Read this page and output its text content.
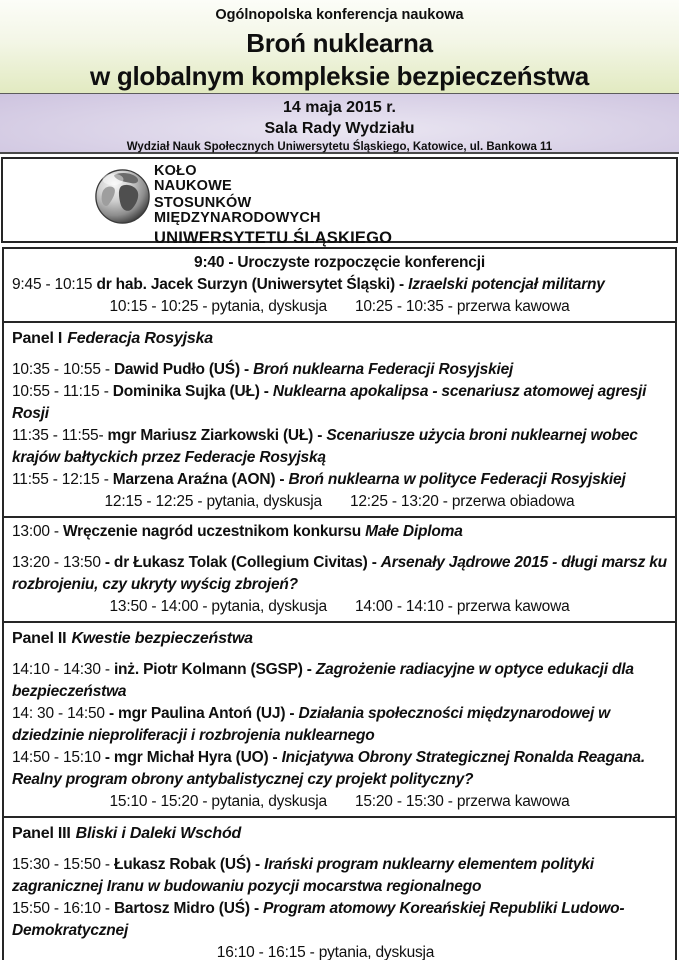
Ogólnopolska konferencja naukowa
Broń nuklearna
w globalnym kompleksie bezpieczeństwa
14 maja 2015 r.
Sala Rady Wydziału
Wydział Nauk Społecznych Uniwersytetu Śląskiego, Katowice, ul. Bankowa 11
KOŁO
NAUKOWE
STOSUNKÓW
MIĘDZYNARODOWYCH
UNIWERSYTETU ŚLĄSKIEGO
9:40 - Uroczyste rozpoczęcie konferencji
9:45 - 10:15 dr hab. Jacek Surzyn (Uniwersytet Śląski) - Izraelski potencjał militarny
10:15 - 10:25 - pytania, dyskusja 10:25 - 10:35 - przerwa kawowa
Panel I Federacja Rosyjska
10:35 - 10:55 - Dawid Pudło (UŚ) - Broń nuklearna Federacji Rosyjskiej
10:55 - 11:15 - Dominika Sujka (UŁ) - Nuklearna apokalipsa - scenariusz atomowej agresji Rosji
11:35 - 11:55- mgr Mariusz Ziarkowski (UŁ) - Scenariusze użycia broni nuklearnej wobec krajów bałtyckich przez Federacje Rosyjską
11:55 - 12:15 - Marzena Araźna (AON) - Broń nuklearna w polityce Federacji Rosyjskiej
12:15 - 12:25 - pytania, dyskusja 12:25 - 13:20 - przerwa obiadowa
13:00 - Wręczenie nagród uczestnikom konkursu Małe Diploma
13:20 - 13:50 - dr Łukasz Tolak (Collegium Civitas) - Arsenały Jądrowe 2015 - długi marsz ku rozbrojeniu, czy ukryty wyścig zbrojeń?
13:50 - 14:00 - pytania, dyskusja 14:00 - 14:10 - przerwa kawowa
Panel II Kwestie bezpieczeństwa
14:10 - 14:30 - inż. Piotr Kolmann (SGSP) - Zagrożenie radiacyjne w optyce edukacji dla bezpieczeństwa
14: 30 - 14:50 - mgr Paulina Antoń (UJ) - Działania społeczności międzynarodowej w dziedzinie nieproliferacji i rozbrojenia nuklearnego
14:50 - 15:10 - mgr Michał Hyra (UO) - Inicjatywa Obrony Strategicznej Ronalda Reagana. Realny program obrony antybalistycznej czy projekt polityczny?
15:10 - 15:20 - pytania, dyskusja 15:20 - 15:30 - przerwa kawowa
Panel III Bliski i Daleki Wschód
15:30 - 15:50 - Łukasz Robak (UŚ) - Irański program nuklearny elementem polityki zagranicznej Iranu w budowaniu pozycji mocarstwa regionalnego
15:50 - 16:10 - Bartosz Midro (UŚ) - Program atomowy Koreańskiej Republiki Ludowo-Demokratycznej
16:10 - 16:15 - pytania, dyskusja
